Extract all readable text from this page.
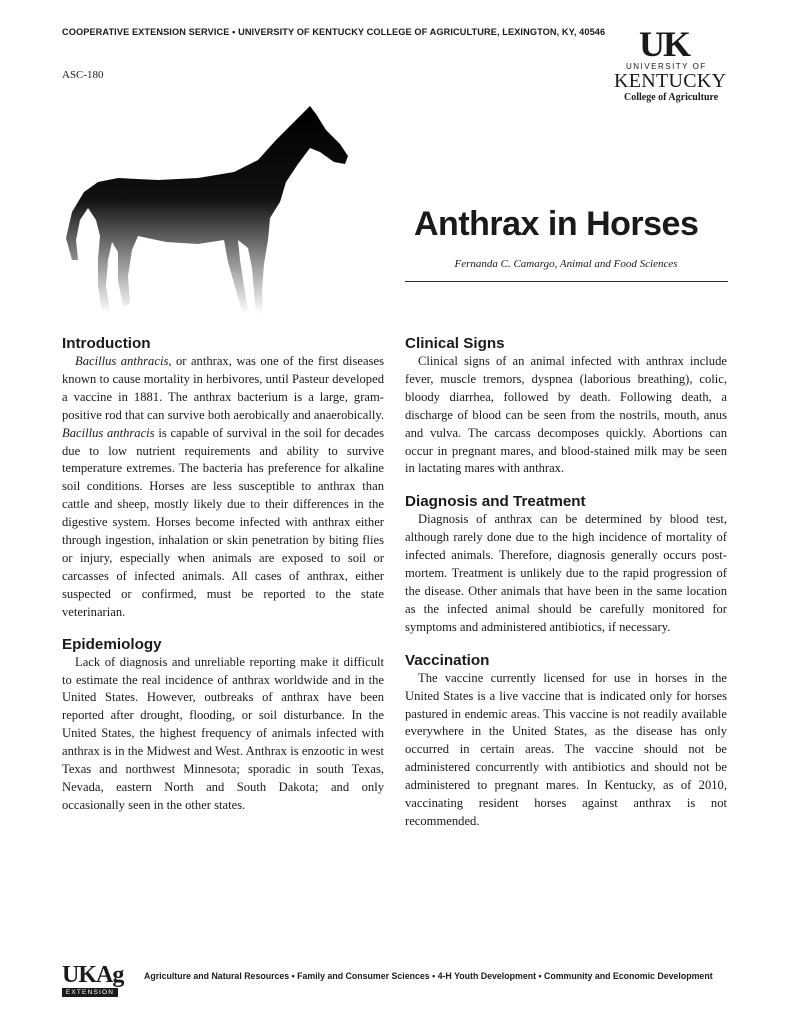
COOPERATIVE EXTENSION SERVICE • UNIVERSITY OF KENTUCKY COLLEGE OF AGRICULTURE, LEXINGTON, KY, 40546
ASC-180
UK
UNIVERSITY OF
KENTUCKY
College of Agriculture
Anthrax in Horses
Fernanda C. Camargo, Animal and Food Sciences
Introduction

Bacillus anthracis, or anthrax, was one of the first diseases known to cause mortality in herbivores, until Pasteur developed a vaccine in 1881. The anthrax bacterium is a large, gram-positive rod that can survive both aerobically and anaerobically. Bacillus anthracis is capable of survival in the soil for decades due to low nutrient requirements and ability to survive temperature extremes. The bacteria has preference for alkaline soil conditions. Horses are less susceptible to anthrax than cattle and sheep, mostly likely due to their differences in the digestive system. Horses become infected with anthrax either through ingestion, inhalation or skin penetration by biting flies or injury, especially when animals are exposed to soil or carcasses of infected animals. All cases of anthrax, either suspected or confirmed, must be reported to the state veterinarian.

Epidemiology

Lack of diagnosis and unreliable reporting make it difficult to estimate the real incidence of anthrax worldwide and in the United States. However, outbreaks of anthrax have been reported after drought, flooding, or soil disturbance. In the United States, the highest frequency of animals infected with anthrax is in the Midwest and West. Anthrax is enzootic in west Texas and northwest Minnesota; sporadic in south Texas, Nevada, eastern North and South Dakota; and only occasionally seen in the other states.

Clinical Signs

Clinical signs of an animal infected with anthrax include fever, muscle tremors, dyspnea (laborious breathing), colic, bloody diarrhea, followed by death. Following death, a discharge of blood can be seen from the nostrils, mouth, anus and vulva. The carcass decomposes quickly. Abortions can occur in pregnant mares, and blood-stained milk may be seen in lactating mares with anthrax.

Diagnosis and Treatment

Diagnosis of anthrax can be determined by blood test, although rarely done due to the high incidence of mortality of infected animals. Therefore, diagnosis generally occurs post-mortem. Treatment is unlikely due to the rapid progression of the disease. Other animals that have been in the same location as the infected animal should be carefully monitored for symptoms and administered antibiotics, if necessary.

Vaccination

The vaccine currently licensed for use in horses in the United States is a live vaccine that is indicated only for horses pastured in endemic areas. This vaccine is not readily available everywhere in the United States, as the disease has only occurred in certain areas. The vaccine should not be administered concurrently with antibiotics and should not be administered to pregnant mares. In Kentucky, as of 2010, vaccinating resident horses against anthrax is not recommended.

UKAg
EXTENSION
Agriculture and Natural Resources • Family and Consumer Sciences • 4-H Youth Development • Community and Economic Development
